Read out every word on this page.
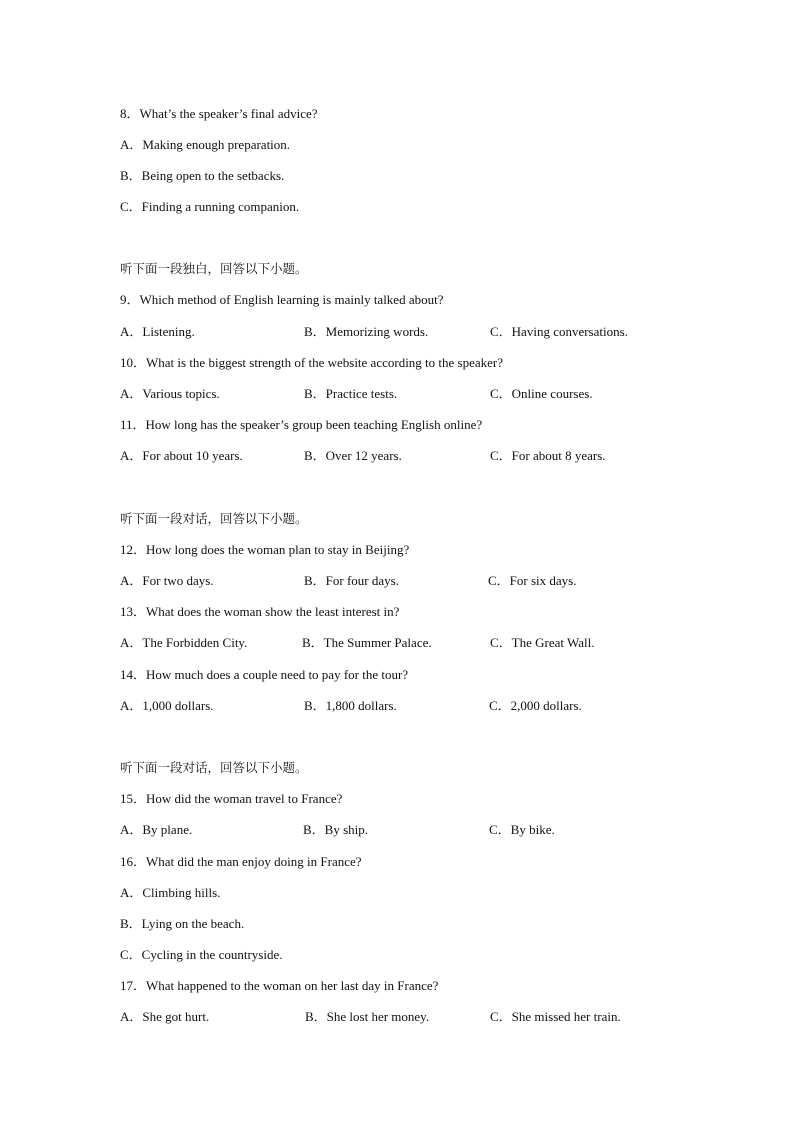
8．What’s the speaker’s final advice?
A．Making enough preparation.
B．Being open to the setbacks.
C．Finding a running companion.
听下面一段独白，回答以下小题。
9．Which method of English learning is mainly talked about?
A．Listening.	B．Memorizing words.	C．Having conversations.
10．What is the biggest strength of the website according to the speaker?
A．Various topics.	B．Practice tests.	C．Online courses.
11．How long has the speaker’s group been teaching English online?
A．For about 10 years.	B．Over 12 years.	C．For about 8 years.
听下面一段对话，回答以下小题。
12．How long does the woman plan to stay in Beijing?
A．For two days.	B．For four days.	C．For six days.
13．What does the woman show the least interest in?
A．The Forbidden City.	B．The Summer Palace.	C．The Great Wall.
14．How much does a couple need to pay for the tour?
A．1,000 dollars.	B．1,800 dollars.	C．2,000 dollars.
听下面一段对话，回答以下小题。
15．How did the woman travel to France?
A．By plane.	B．By ship.	C．By bike.
16．What did the man enjoy doing in France?
A．Climbing hills.
B．Lying on the beach.
C．Cycling in the countryside.
17．What happened to the woman on her last day in France?
A．She got hurt.	B．She lost her money.	C．She missed her train.
